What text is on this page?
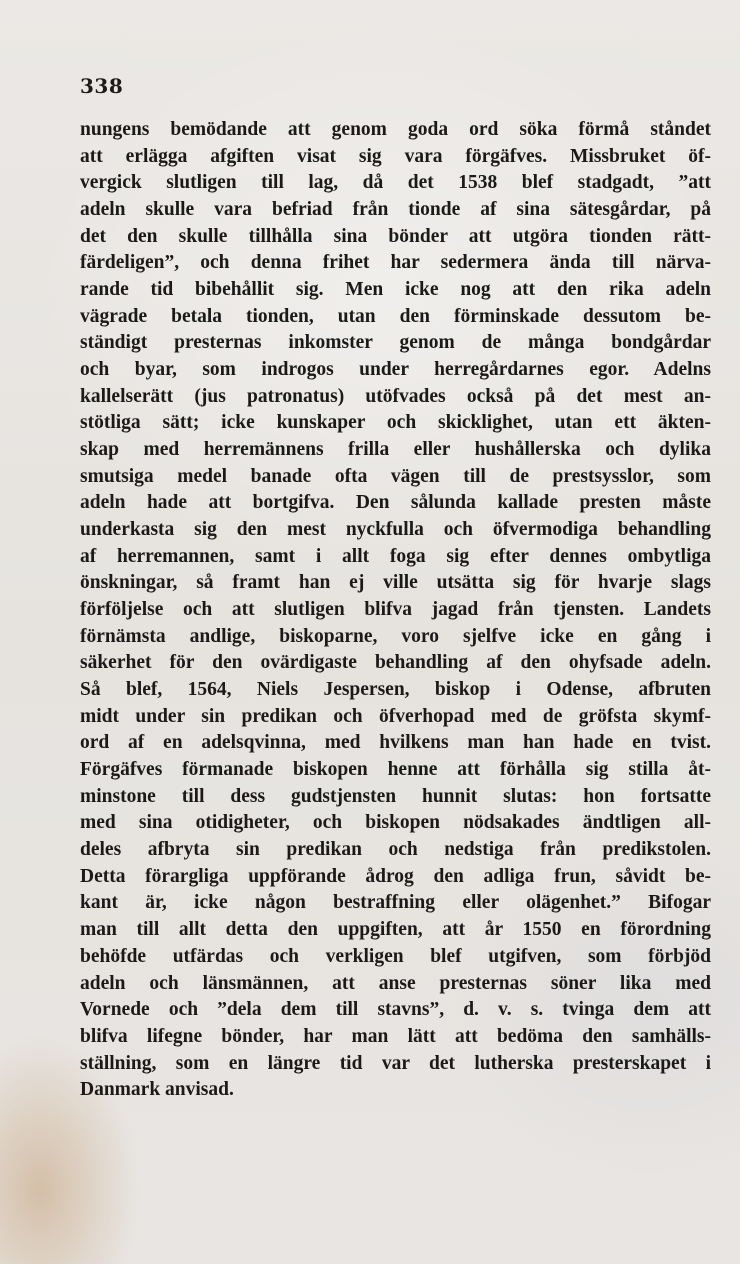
338
nungens bemödande att genom goda ord söka förmå ståndet
att erlägga afgiften visat sig vara förgäfves. Missbruket öf-
vergick slutligen till lag, då det 1538 blef stadgadt, ”att
adeln skulle vara befriad från tionde af sina sätesgårdar, på
det den skulle tillhålla sina bönder att utgöra tionden rätt-
färdeligen”, och denna frihet har sedermera ända till närva-
rande tid bibehållit sig. Men icke nog att den rika adeln
vägrade betala tionden, utan den förminskade dessutom be-
ständigt presternas inkomster genom de många bondgårdar
och byar, som indrogos under herregårdarnes egor. Adelns
kallelserätt (jus patronatus) utöfvades också på det mest an-
stötliga sätt; icke kunskaper och skicklighet, utan ett äkten-
skap med herremännens frilla eller hushållerska och dylika
smutsiga medel banade ofta vägen till de prestsysslor, som
adeln hade att bortgifva. Den sålunda kallade presten måste
underkasta sig den mest nyckfulla och öfvermodiga behandling
af herremannen, samt i allt foga sig efter dennes ombytliga
önskningar, så framt han ej ville utsätta sig för hvarje slags
förföljelse och att slutligen blifva jagad från tjensten. Landets
förnämsta andlige, biskoparne, voro sjelfve icke en gång i
säkerhet för den ovärdigaste behandling af den ohyfsade adeln.
Så blef, 1564, Niels Jespersen, biskop i Odense, afbruten
midt under sin predikan och öfverhopad med de gröfsta skymf-
ord af en adelsqvinna, med hvilkens man han hade en tvist.
Förgäfves förmanade biskopen henne att förhålla sig stilla åt-
minstone till dess gudstjensten hunnit slutas: hon fortsatte
med sina otidigheter, och biskopen nödsakades ändtligen all-
deles afbryta sin predikan och nedstiga från predikstolen.
Detta förargliga uppförande ådrog den adliga frun, såvidt be-
kant är, icke någon bestraffning eller olägenhet.” Bifogar
man till allt detta den uppgiften, att år 1550 en förordning
behöfde utfärdas och verkligen blef utgifven, som förbjöd
adeln och länsmännen, att anse presternas söner lika med
Vornede och ”dela dem till stavns”, d. v. s. tvinga dem att
blifva lifegne bönder, har man lätt att bedöma den samhälls-
ställning, som en längre tid var det lutherska presterskapet i
Danmark anvisad.
